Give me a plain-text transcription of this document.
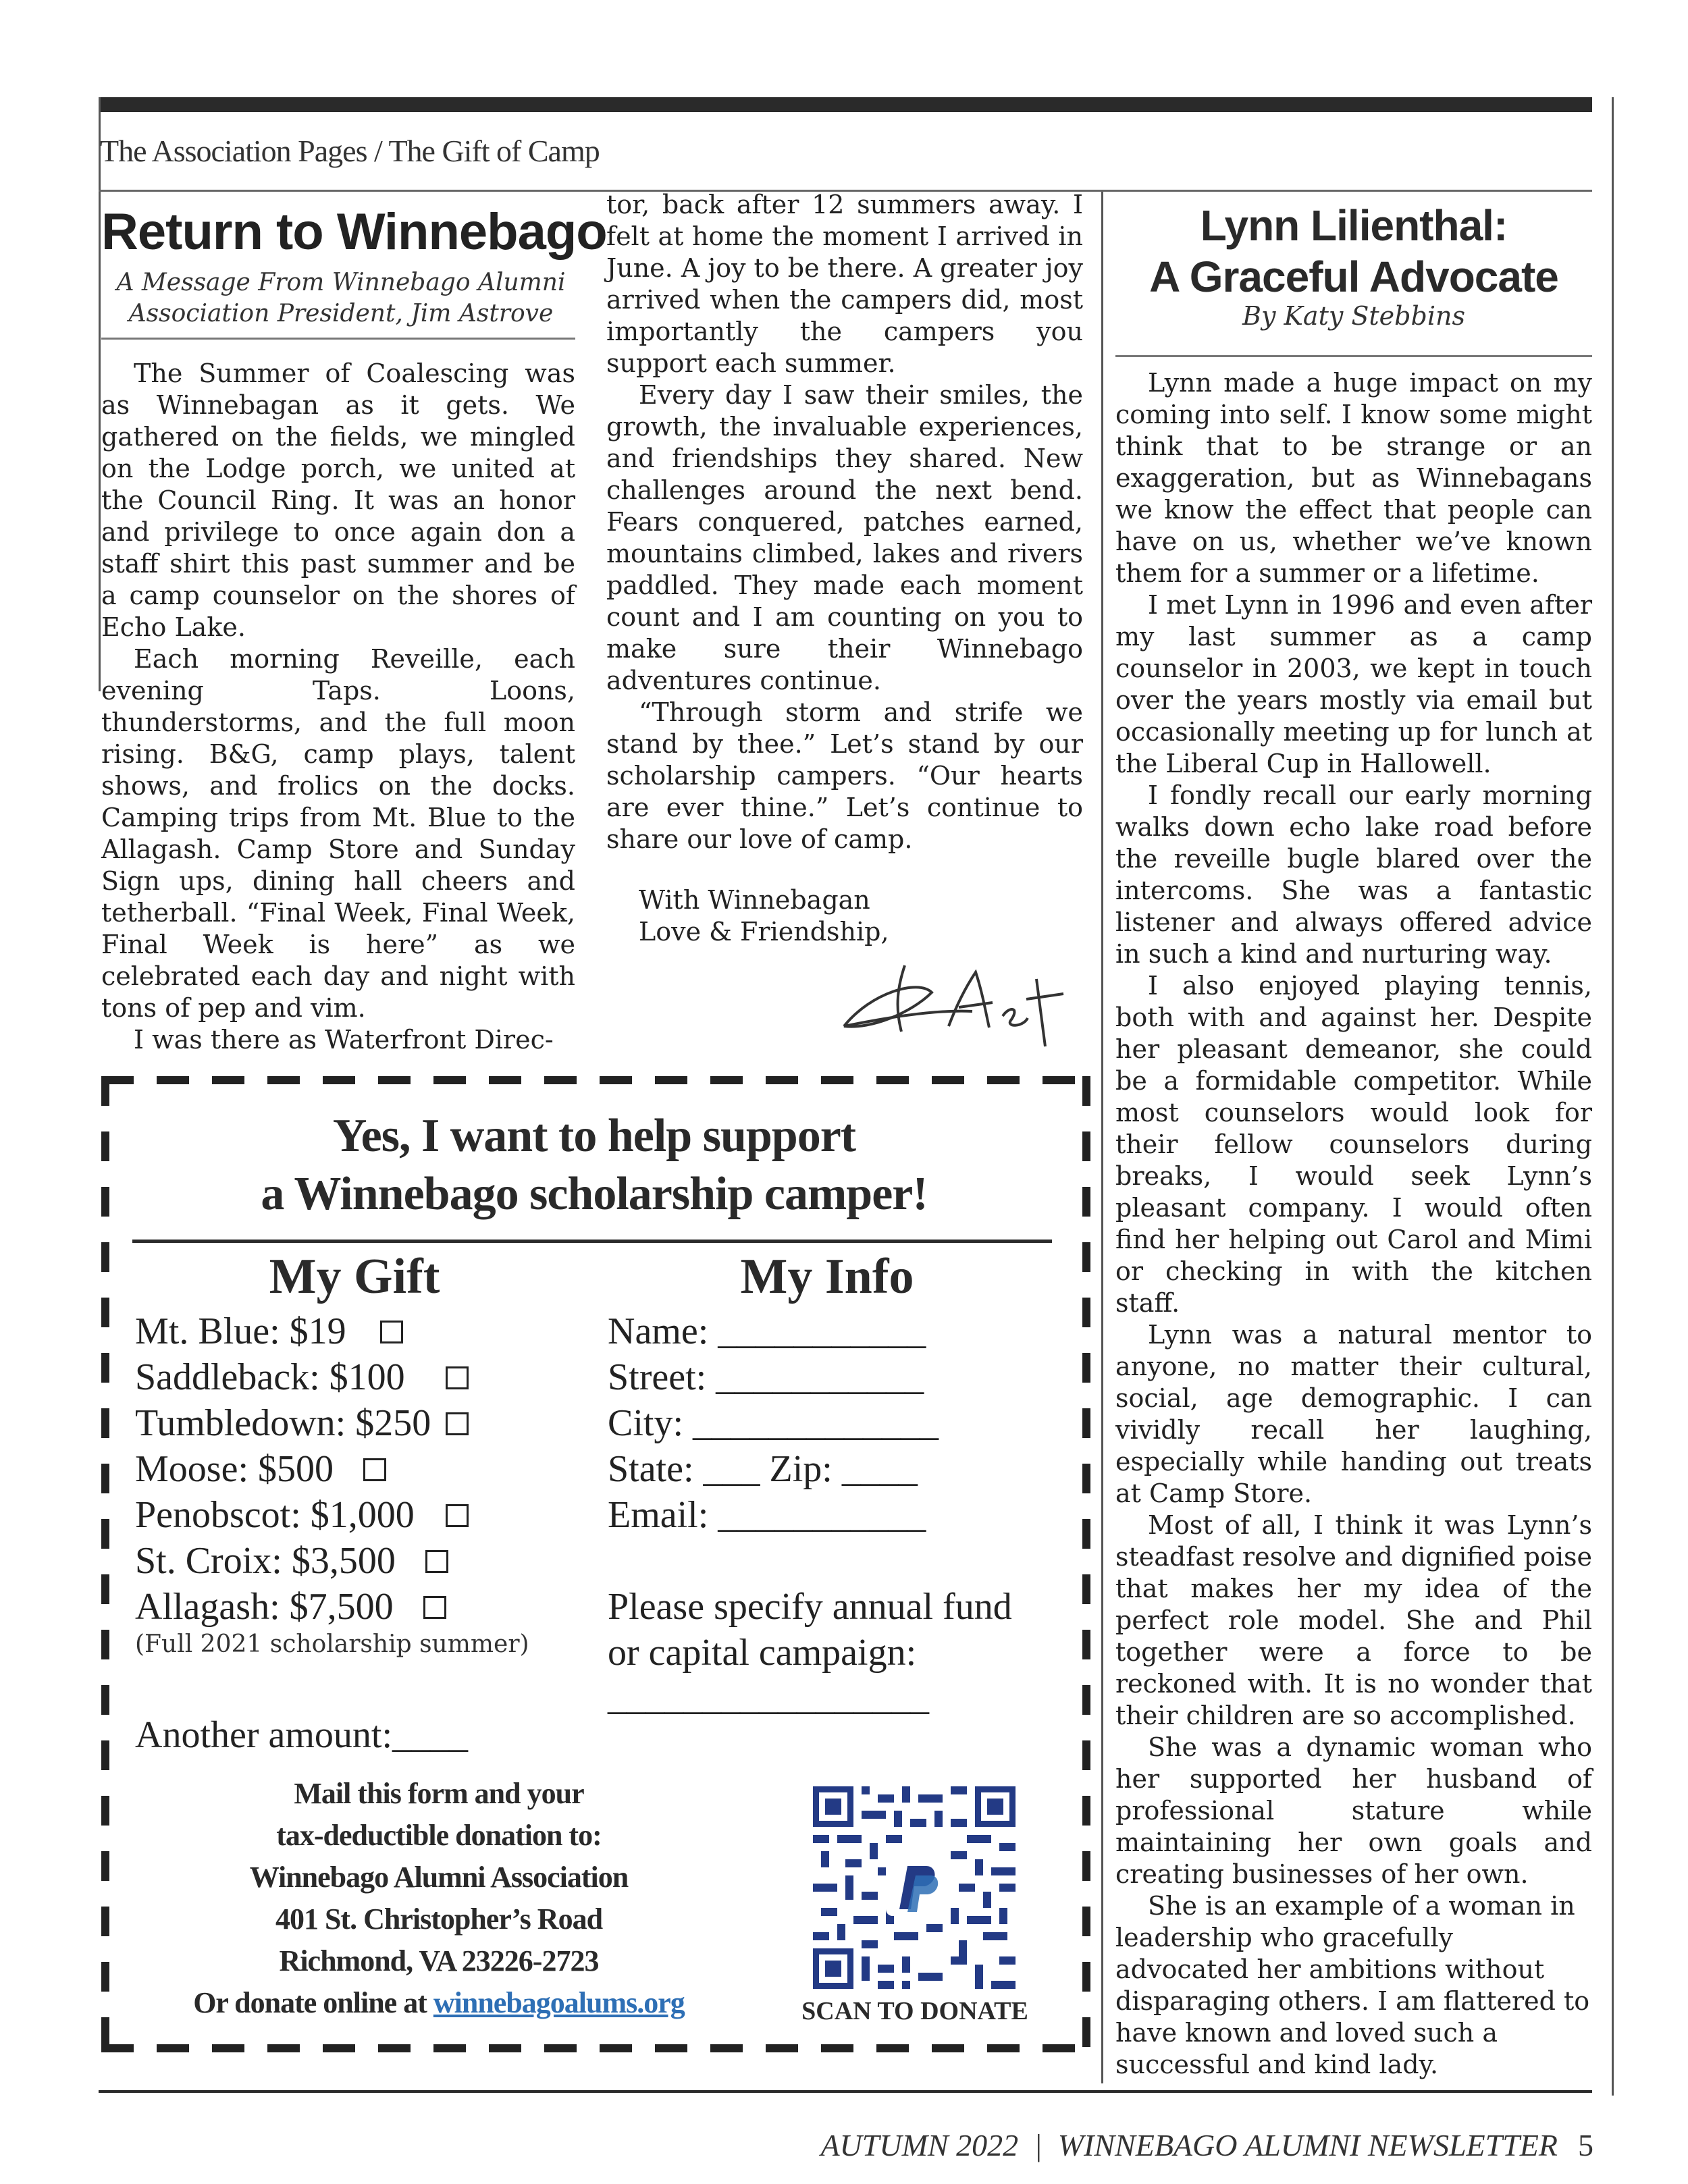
The Association Pages / The Gift of Camp
Return to Winnebago
A Message From Winnebago Alumni
Association President, Jim Astrove

The Summer of Coalescing was as Winnebagan as it gets. We gathered on the fields, we mingled on the Lodge porch, we united at the Council Ring. It was an honor and privilege to once again don a staff shirt this past summer and be a camp counselor on the shores of Echo Lake.

Each morning Reveille, each evening Taps. Loons, thunderstorms, and the full moon rising. B&G, camp plays, talent shows, and frolics on the docks. Camping trips from Mt. Blue to the Allagash. Camp Store and Sunday Sign ups, dining hall cheers and tetherball. “Final Week, Final Week, Final Week is here” as we celebrated each day and night with tons of pep and vim.

I was there as Waterfront Direc-

tor, back after 12 summers away. I felt at home the moment I arrived in June. A joy to be there. A greater joy arrived when the campers did, most importantly the campers you support each summer.

Every day I saw their smiles, the growth, the invaluable experiences, and friendships they shared. New challenges around the next bend. Fears conquered, patches earned, mountains climbed, lakes and rivers paddled. They made each moment count and I am counting on you to make sure their Winnebago adventures continue.

“Through storm and strife we stand by thee.” Let’s stand by our scholarship campers. “Our hearts are ever thine.” Let’s continue to share our love of camp.

With Winnebagan
Love & Friendship,
Yes, I want to help support
a Winnebago scholarship camper!
My Gift	My Info
Mt. Blue: $19
Saddleback: $100
Tumbledown: $250
Moose: $500
Penobscot: $1,000
St. Croix: $3,500
Allagash: $7,500
(Full 2021 scholarship summer)
Another amount:____
Name: ___________
Street: ___________
City: _____________
State: ___ Zip: ____
Email: ___________
Please specify annual fund
or capital campaign:
_________________
Mail this form and your
tax-deductible donation to:
Winnebago Alumni Association
401 St. Christopher’s Road
Richmond, VA 23226-2723
Or donate online at winnebagoalums.org	SCAN TO DONATE
Lynn Lilienthal:
A Graceful Advocate
By Katy Stebbins

Lynn made a huge impact on my coming into self. I know some might think that to be strange or an exaggeration, but as Winnebagans we know the effect that people can have on us, whether we’ve known them for a summer or a lifetime.

I met Lynn in 1996 and even after my last summer as a camp counselor in 2003, we kept in touch over the years mostly via email but occasionally meeting up for lunch at the Liberal Cup in Hallowell.

I fondly recall our early morning walks down echo lake road before the reveille bugle blared over the intercoms. She was a fantastic listener and always offered advice in such a kind and nurturing way.

I also enjoyed playing tennis, both with and against her. Despite her pleasant demeanor, she could be a formidable competitor. While most counselors would look for their fellow counselors during breaks, I would seek Lynn’s pleasant company. I would often find her helping out Carol and Mimi or checking in with the kitchen staff.

Lynn was a natural mentor to anyone, no matter their cultural, social, age demographic. I can vividly recall her laughing, especially while handing out treats at Camp Store.

Most of all, I think it was Lynn’s steadfast resolve and dignified poise that makes her my idea of the perfect role model. She and Phil together were a force to be reckoned with. It is no wonder that their children are so accomplished.

She was a dynamic woman who her supported her husband of professional stature while maintaining her own goals and creating businesses of her own.

She is an example of a woman in leadership who gracefully advocated her ambitions without disparaging others. I am flattered to have known and loved such a successful and kind lady.

AUTUMN 2022  |  WINNEBAGO ALUMNI NEWSLETTER 5
